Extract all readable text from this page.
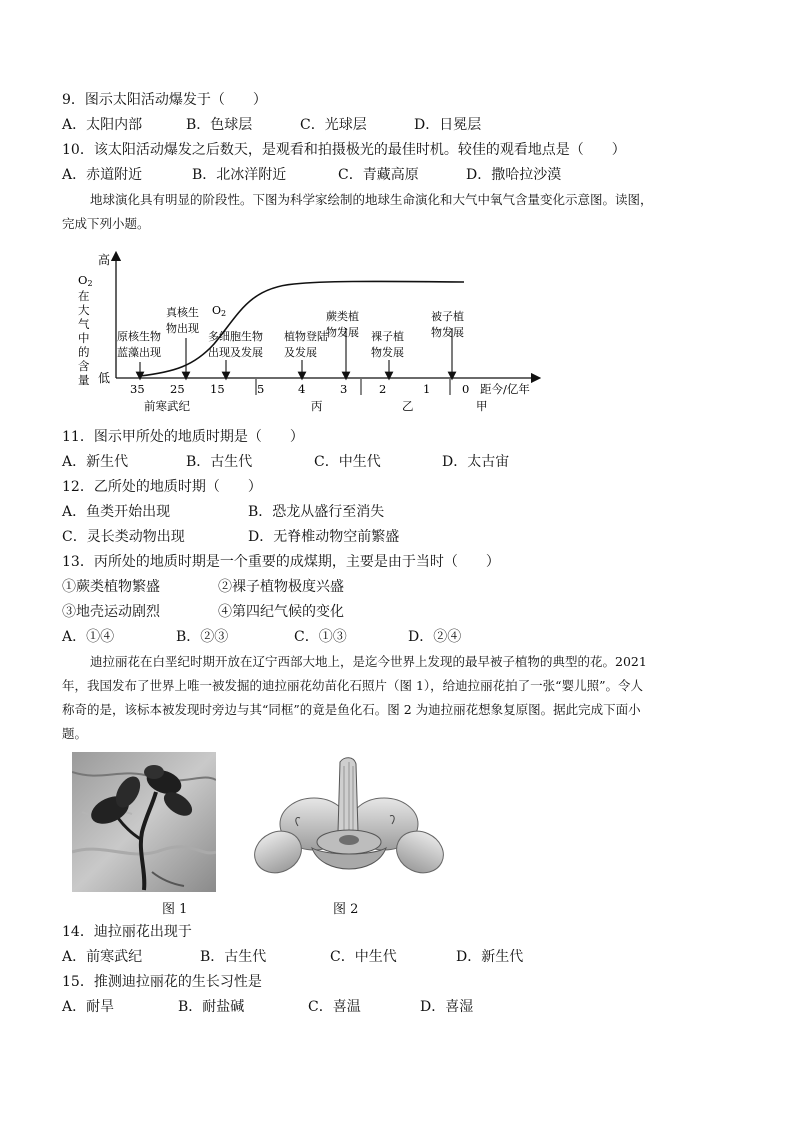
9．图示太阳活动爆发于（　　）
A．太阳内部	B．色球层	C．光球层	D．日冕层
10．该太阳活动爆发之后数天，是观看和拍摄极光的最佳时机。较佳的观看地点是（　　）
A．赤道附近	B．北冰洋附近	C．青藏高原	D．撒哈拉沙漠
地球演化具有明显的阶段性。下图为科学家绘制的地球生命演化和大气中氧气含量变化示意图。读图，
完成下列小题。
高
低
O2
在
大
气
中
的
含
量
O2
35 25 15	5	4	3	2	1	0 距今/亿年
原核生物
蓝藻出现
真核生
物出现
多细胞生物
出现及发展
植物登陆
及发展
蕨类植
物发展 裸子植
物发展
被子植
物发展
前寒武纪	丙	乙	甲
11．图示甲所处的地质时期是（　　）
A．新生代	B．古生代	C．中生代	D．太古宙
12．乙所处的地质时期（　　）
A．鱼类开始出现	B．恐龙从盛行至消失
C．灵长类动物出现	D．无脊椎动物空前繁盛
13．丙所处的地质时期是一个重要的成煤期，主要是由于当时（　　）
①蕨类植物繁盛	②裸子植物极度兴盛
③地壳运动剧烈	④第四纪气候的变化
A．①④	B．②③	C．①③	D．②④
迪拉丽花在白垩纪时期开放在辽宁西部大地上，是迄今世界上发现的最早被子植物的典型的花。2021
年，我国发布了世界上唯一被发掘的迪拉丽花幼苗化石照片（图 1），给迪拉丽花拍了一张“婴儿照”。令人
称奇的是，该标本被发现时旁边与其“同框”的竟是鱼化石。图 2 为迪拉丽花想象复原图。据此完成下面小
题。
图 1	图 2
14．迪拉丽花出现于
A．前寒武纪	B．古生代	C．中生代	D．新生代
15．推测迪拉丽花的生长习性是
A．耐旱	B．耐盐碱	C．喜温	D．喜湿
